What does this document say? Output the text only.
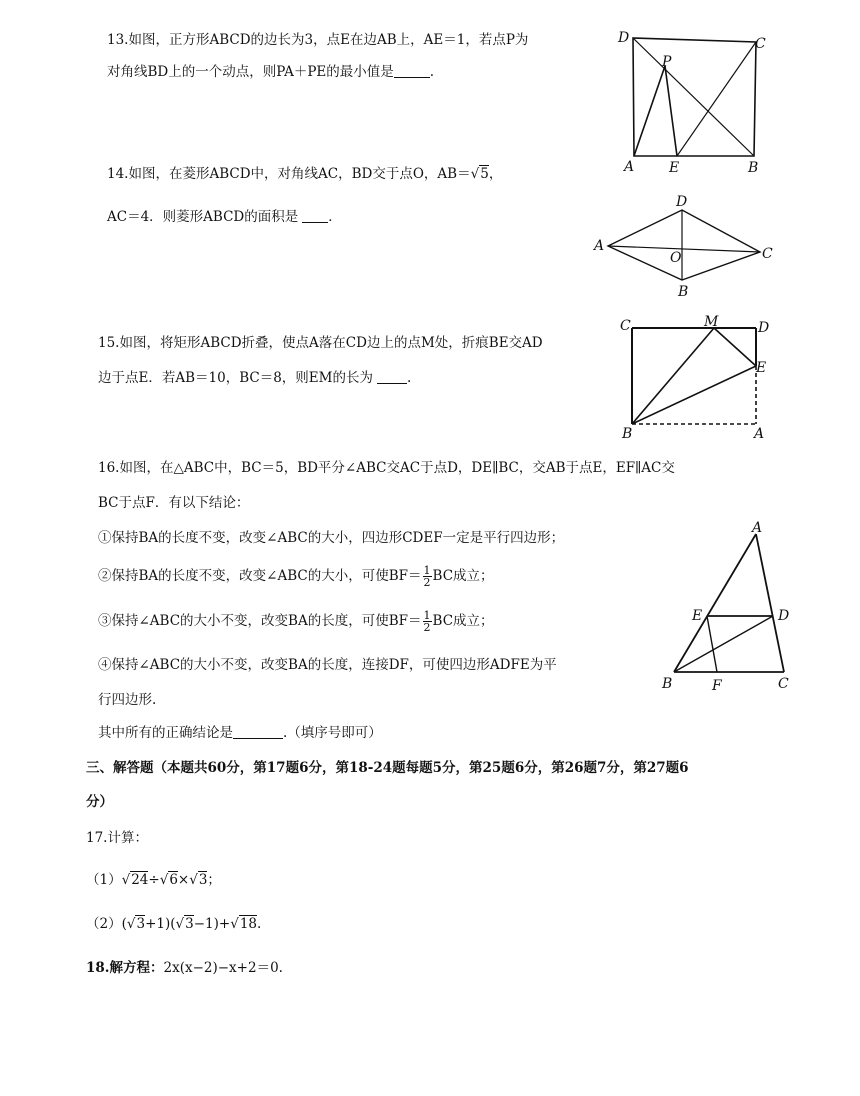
13.如图，正方形ABCD的边长为3，点E在边AB上，AE＝1，若点P为
对角线BD上的一个动点，则PA＋PE的最小值是	.
D	C
P
A E	B
14.如图，在菱形ABCD中，对角线AC，BD交于点O，AB＝√5，
AC＝4．则菱形ABCD的面积是 ．
D
A
O	C
B
15.如图，将矩形ABCD折叠，使点A落在CD边上的点M处，折痕BE交AD
边于点E．若AB＝10，BC＝8，则EM的长为	.
C	M	D
E
B	A
16.如图，在△ABC中，BC＝5，BD平分∠ABC交AC于点D，DE∥BC，交AB于点E，EF∥AC交
BC于点F．有以下结论：
①保持BA的长度不变，改变∠ABC的大小，四边形CDEF一定是平行四边形；
②保持BA的长度不变，改变∠ABC的大小，可使$BF= \frac{1}{2}$ BC成立；
③保持∠ABC的大小不变，改变BA的长度，可使$BF= \frac{1}{2}$ BC成立；
④保持∠ABC的大小不变，改变BA的长度，连接DF，可使四边形ADFE为平
行四边形.
其中所有的正确结论是	.（填序号即可）
A
E	D
B	F	C
三、解答题（本题共60分，第17题6分，第18-24题每题5分，第25题6分，第26题7分，第27题6
分）
17.计算：
（1）√24÷√6×√3；
（2）(√3+1)(√3−1)+√18.
18.解方程：2x(x−2)−x+2＝0.
